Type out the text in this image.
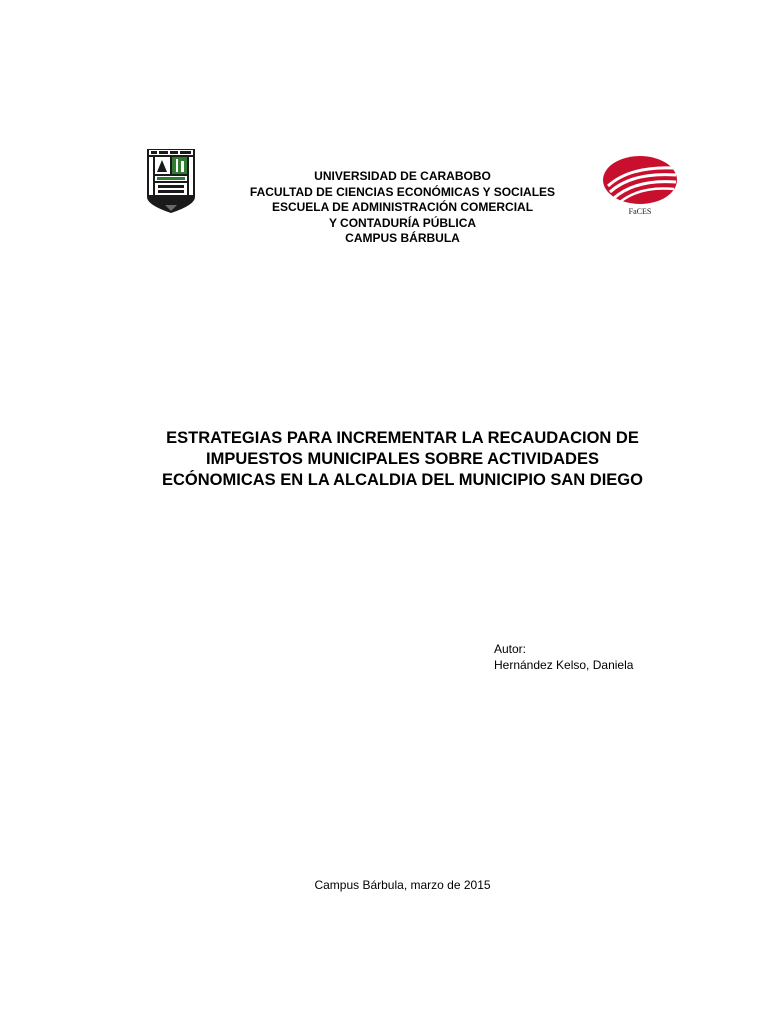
FaCES
UNIVERSIDAD DE CARABOBO
FACULTAD DE CIENCIAS ECONÓMICAS Y SOCIALES
ESCUELA DE ADMINISTRACIÓN COMERCIAL
Y CONTADURÍA PÚBLICA
CAMPUS BÁRBULA
ESTRATEGIAS PARA INCREMENTAR LA RECAUDACION DE
IMPUESTOS MUNICIPALES SOBRE ACTIVIDADES
ECÓNOMICAS EN LA ALCALDIA DEL MUNICIPIO SAN DIEGO
Autor:
Hernández Kelso, Daniela
Campus Bárbula, marzo de 2015
